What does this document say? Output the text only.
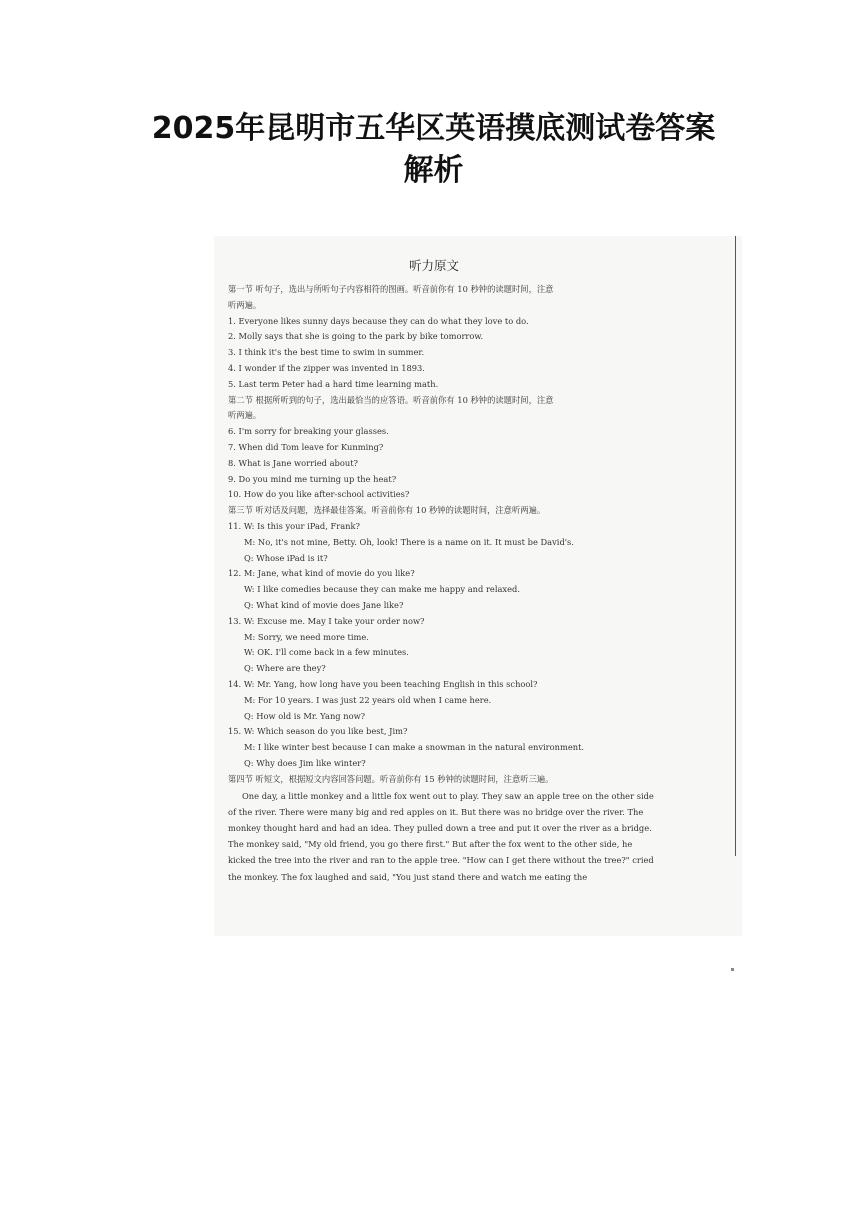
2025年昆明市五华区英语摸底测试卷答案
解析
听力原文
第一节 听句子，选出与所听句子内容相符的图画。听音前你有 10 秒钟的读题时间，注意
听两遍。
1. Everyone likes sunny days because they can do what they love to do.
2. Molly says that she is going to the park by bike tomorrow.
3. I think it's the best time to swim in summer.
4. I wonder if the zipper was invented in 1893.
5. Last term Peter had a hard time learning math.
第二节 根据所听到的句子，选出最恰当的应答语。听音前你有 10 秒钟的读题时间，注意
听两遍。
6. I'm sorry for breaking your glasses.
7. When did Tom leave for Kunming?
8. What is Jane worried about?
9. Do you mind me turning up the heat?
10. How do you like after-school activities?
第三节 听对话及问题，选择最佳答案。听音前你有 10 秒钟的读题时间，注意听两遍。
11. W: Is this your iPad, Frank?
M: No, it's not mine, Betty. Oh, look! There is a name on it. It must be David's.
Q: Whose iPad is it?
12. M: Jane, what kind of movie do you like?
W: I like comedies because they can make me happy and relaxed.
Q: What kind of movie does Jane like?
13. W: Excuse me. May I take your order now?
M: Sorry, we need more time.
W: OK. I'll come back in a few minutes.
Q: Where are they?
14. W: Mr. Yang, how long have you been teaching English in this school?
M: For 10 years. I was just 22 years old when I came here.
Q: How old is Mr. Yang now?
15. W: Which season do you like best, Jim?
M: I like winter best because I can make a snowman in the natural environment.
Q: Why does Jim like winter?
第四节 听短文，根据短文内容回答问题。听音前你有 15 秒钟的读题时间，注意听三遍。
One day, a little monkey and a little fox went out to play. They saw an apple tree on the other side of the river. There were many big and red apples on it. But there was no bridge over the river. The monkey thought hard and had an idea. They pulled down a tree and put it over the river as a bridge. The monkey said, "My old friend, you go there first." But after the fox went to the other side, he kicked the tree into the river and ran to the apple tree. "How can I get there without the tree?" cried the monkey. The fox laughed and said, "You just stand there and watch me eating the
